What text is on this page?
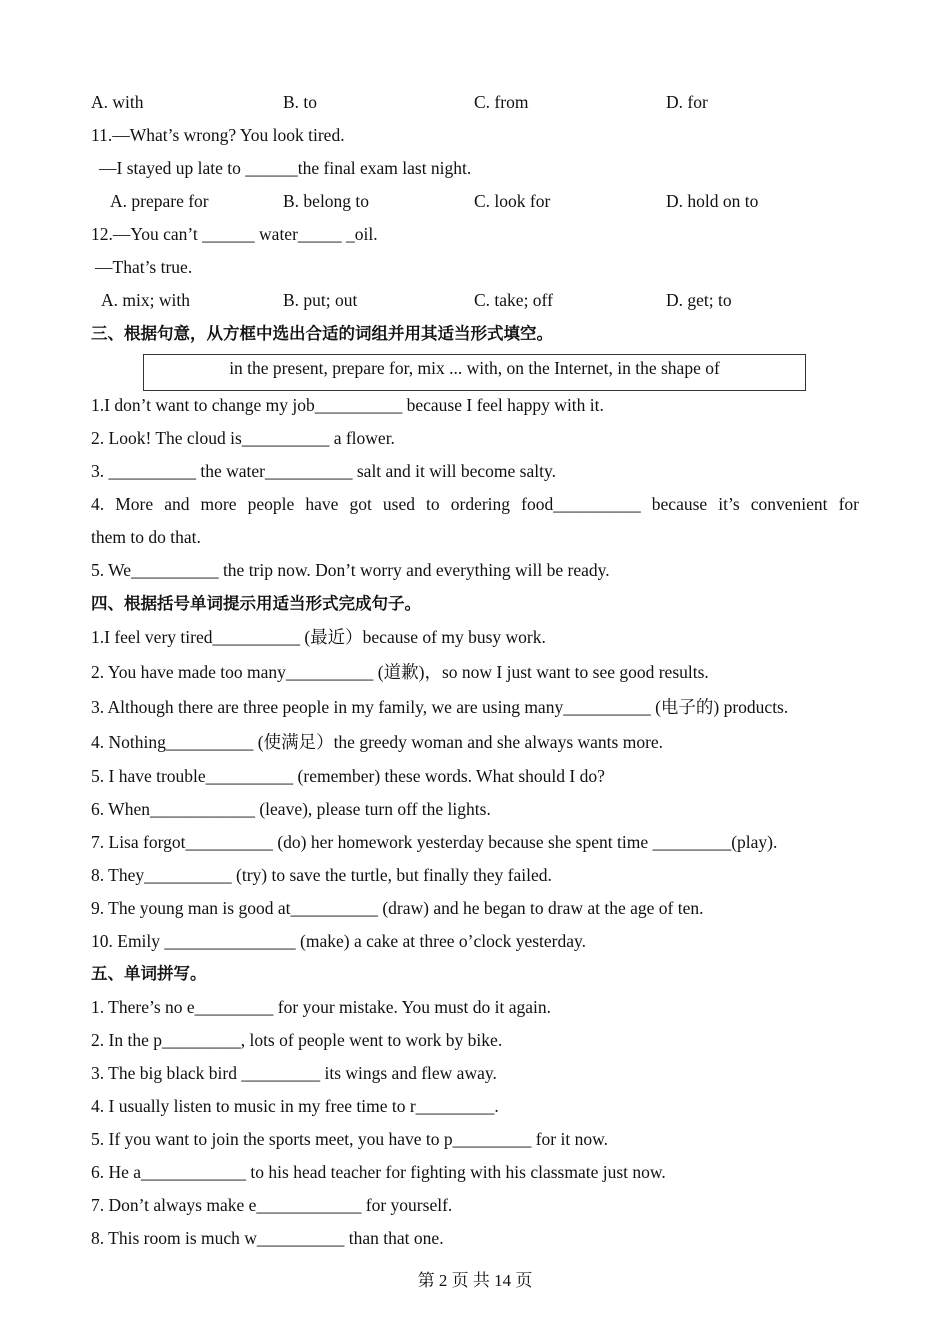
A. with	B. to	C. from	D. for
11.—What’s wrong? You look tired.
—I stayed up late to ______the final exam last night.
A. prepare for	B. belong to	C. look for	D. hold on to
12.—You can’t ______ water_____ _oil.
—That’s true.
A. mix; with	B. put; out	C. take; off	D. get; to
三、根据句意，从方框中选出合适的词组并用其适当形式填空。
in the present, prepare for, mix ... with, on the Internet, in the shape of
1.I don’t want to change my job__________ because I feel happy with it.
2. Look! The cloud is__________ a flower.
3. __________ the water__________ salt and it will become salty.
4. More and more people have got used to ordering food__________ because it’s convenient for
them to do that.
5. We__________ the trip now. Don’t worry and everything will be ready.
四、根据括号单词提示用适当形式完成句子。
1.I feel very tired__________ (最近）because of my busy work.
2. You have made too many__________ (道歉)，so now I just want to see good results.
3. Although there are three people in my family, we are using many__________ (电子的) products.
4. Nothing__________ (使满足）the greedy woman and she always wants more.
5. I have trouble__________ (remember) these words. What should I do?
6. When____________ (leave), please turn off the lights.
7. Lisa forgot__________ (do) her homework yesterday because she spent time _________(play).
8. They__________ (try) to save the turtle, but finally they failed.
9. The young man is good at__________ (draw) and he began to draw at the age of ten.
10. Emily _______________ (make) a cake at three o’clock yesterday.
五、单词拼写。
1. There’s no e_________ for your mistake. You must do it again.
2. In the p_________, lots of people went to work by bike.
3. The big black bird _________ its wings and flew away.
4. I usually listen to music in my free time to r_________.
5. If you want to join the sports meet, you have to p_________ for it now.
6. He a____________ to his head teacher for fighting with his classmate just now.
7. Don’t always make e____________ for yourself.
8. This room is much w__________ than that one.
第 2 页 共 14 页
